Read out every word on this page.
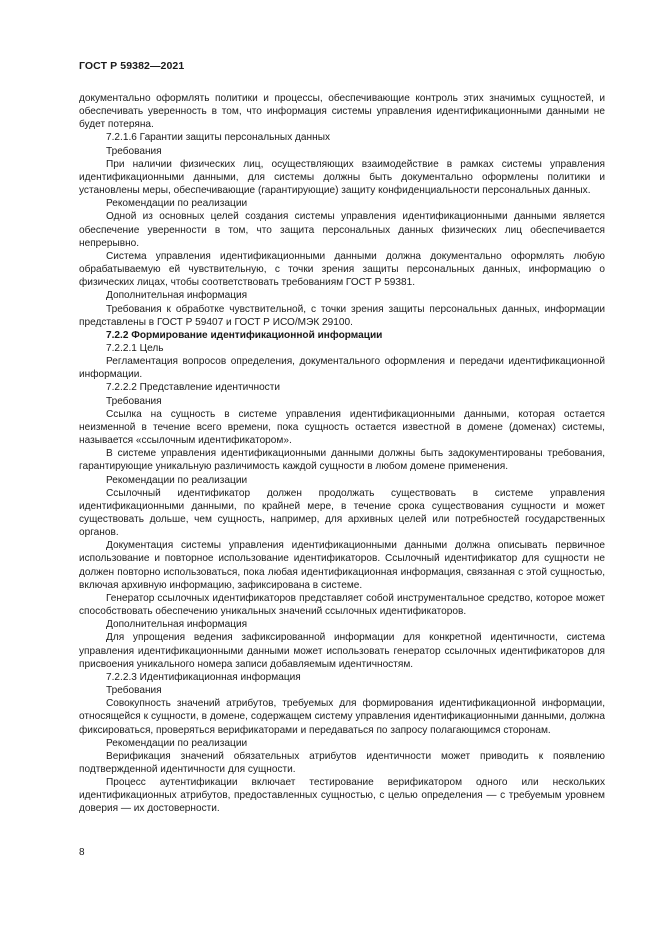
ГОСТ Р 59382—2021

документально оформлять политики и процессы, обеспечивающие контроль этих значимых сущностей, и обеспечивать уверенность в том, что информация системы управления идентификационными данными не будет потеряна.

7.2.1.6 Гарантии защиты персональных данных

Требования

При наличии физических лиц, осуществляющих взаимодействие в рамках системы управления идентификационными данными, для системы должны быть документально оформлены политики и установлены меры, обеспечивающие (гарантирующие) защиту конфиденциальности персональных данных.

Рекомендации по реализации

Одной из основных целей создания системы управления идентификационными данными является обеспечение уверенности в том, что защита персональных данных физических лиц обеспечивается непрерывно.

Система управления идентификационными данными должна документально оформлять любую обрабатываемую ей чувствительную, с точки зрения защиты персональных данных, информацию о физических лицах, чтобы соответствовать требованиям ГОСТ Р 59381.

Дополнительная информация

Требования к обработке чувствительной, с точки зрения защиты персональных данных, информации представлены в ГОСТ Р 59407 и ГОСТ Р ИСО/МЭК 29100.

7.2.2 Формирование идентификационной информации

7.2.2.1 Цель

Регламентация вопросов определения, документального оформления и передачи идентификационной информации.

7.2.2.2 Представление идентичности

Требования

Ссылка на сущность в системе управления идентификационными данными, которая остается неизменной в течение всего времени, пока сущность остается известной в домене (доменах) системы, называется «ссылочным идентификатором».

В системе управления идентификационными данными должны быть задокументированы требования, гарантирующие уникальную различимость каждой сущности в любом домене применения.

Рекомендации по реализации

Ссылочный идентификатор должен продолжать существовать в системе управления идентификационными данными, по крайней мере, в течение срока существования сущности и может существовать дольше, чем сущность, например, для архивных целей или потребностей государственных органов.

Документация системы управления идентификационными данными должна описывать первичное использование и повторное использование идентификаторов. Ссылочный идентификатор для сущности не должен повторно использоваться, пока любая идентификационная информация, связанная с этой сущностью, включая архивную информацию, зафиксирована в системе.

Генератор ссылочных идентификаторов представляет собой инструментальное средство, которое может способствовать обеспечению уникальных значений ссылочных идентификаторов.

Дополнительная информация

Для упрощения ведения зафиксированной информации для конкретной идентичности, система управления идентификационными данными может использовать генератор ссылочных идентификаторов для присвоения уникального номера записи добавляемым идентичностям.

7.2.2.3 Идентификационная информация

Требования

Совокупность значений атрибутов, требуемых для формирования идентификационной информации, относящейся к сущности, в домене, содержащем систему управления идентификационными данными, должна фиксироваться, проверяться верификаторами и передаваться по запросу полагающимся сторонам.

Рекомендации по реализации

Верификация значений обязательных атрибутов идентичности может приводить к появлению подтвержденной идентичности для сущности.

Процесс аутентификации включает тестирование верификатором одного или нескольких идентификационных атрибутов, предоставленных сущностью, с целью определения — с требуемым уровнем доверия — их достоверности.

8
